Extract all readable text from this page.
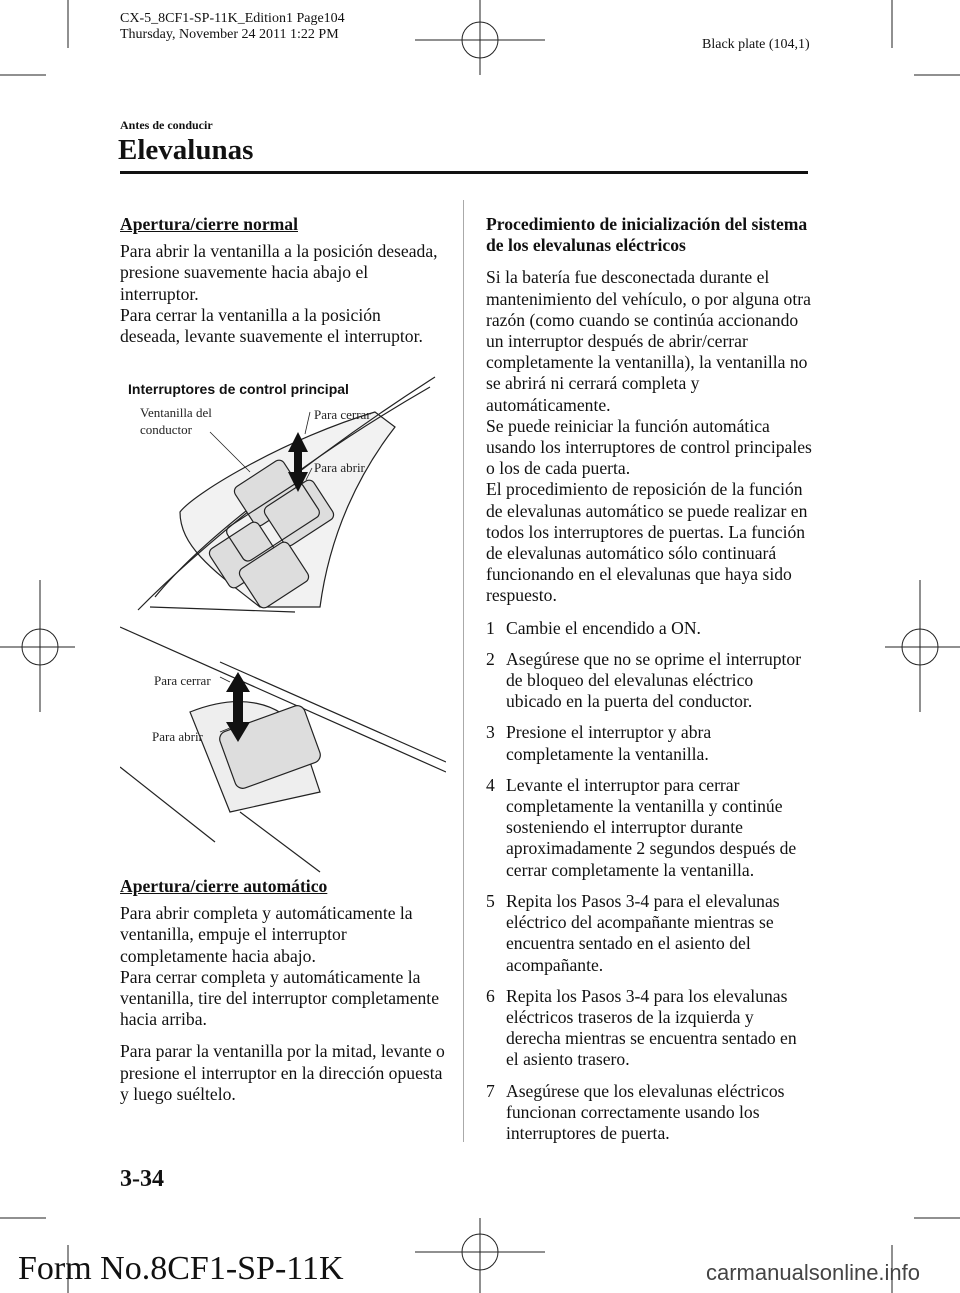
CX-5_8CF1-SP-11K_Edition1 Page104
Thursday, November 24 2011 1:22 PM
Black plate (104,1)
Antes de conducir
Elevalunas

Apertura/cierre normal

Para abrir la ventanilla a la posición deseada, presione suavemente hacia abajo el interruptor.
Para cerrar la ventanilla a la posición deseada, levante suavemente el interruptor.

Interruptores de control principal
Ventanilla del
conductor
Para cerrar
Para abrir
Para cerrar
Para abrir

Apertura/cierre automático

Para abrir completa y automáticamente la ventanilla, empuje el interruptor completamente hacia abajo.
Para cerrar completa y automáticamente la ventanilla, tire del interruptor completamente hacia arriba.

Para parar la ventanilla por la mitad, levante o presione el interruptor en la dirección opuesta y luego suéltelo.

Procedimiento de inicialización del sistema de los elevalunas eléctricos

Si la batería fue desconectada durante el mantenimiento del vehículo, o por alguna otra razón (como cuando se continúa accionando un interruptor después de abrir/cerrar completamente la ventanilla), la ventanilla no se abrirá ni cerrará completa y automáticamente.
Se puede reiniciar la función automática usando los interruptores de control principales o los de cada puerta.
El procedimiento de reposición de la función de elevalunas automático se puede realizar en todos los interruptores de puertas. La función de elevalunas automático sólo continuará funcionando en el elevalunas que haya sido respuesto.

1 Cambie el encendido a ON.
2 Asegúrese que no se oprime el interruptor de bloqueo del elevalunas eléctrico ubicado en la puerta del conductor.
3 Presione el interruptor y abra completamente la ventanilla.
4 Levante el interruptor para cerrar completamente la ventanilla y continúe sosteniendo el interruptor durante aproximadamente 2 segundos después de cerrar completamente la ventanilla.
5 Repita los Pasos 3-4 para el elevalunas eléctrico del acompañante mientras se encuentra sentado en el asiento del acompañante.
6 Repita los Pasos 3-4 para los elevalunas eléctricos traseros de la izquierda y derecha mientras se encuentra sentado en el asiento trasero.
7 Asegúrese que los elevalunas eléctricos funcionan correctamente usando los interruptores de puerta.
3-34
Form No.8CF1-SP-11K	carmanualsonline.info
